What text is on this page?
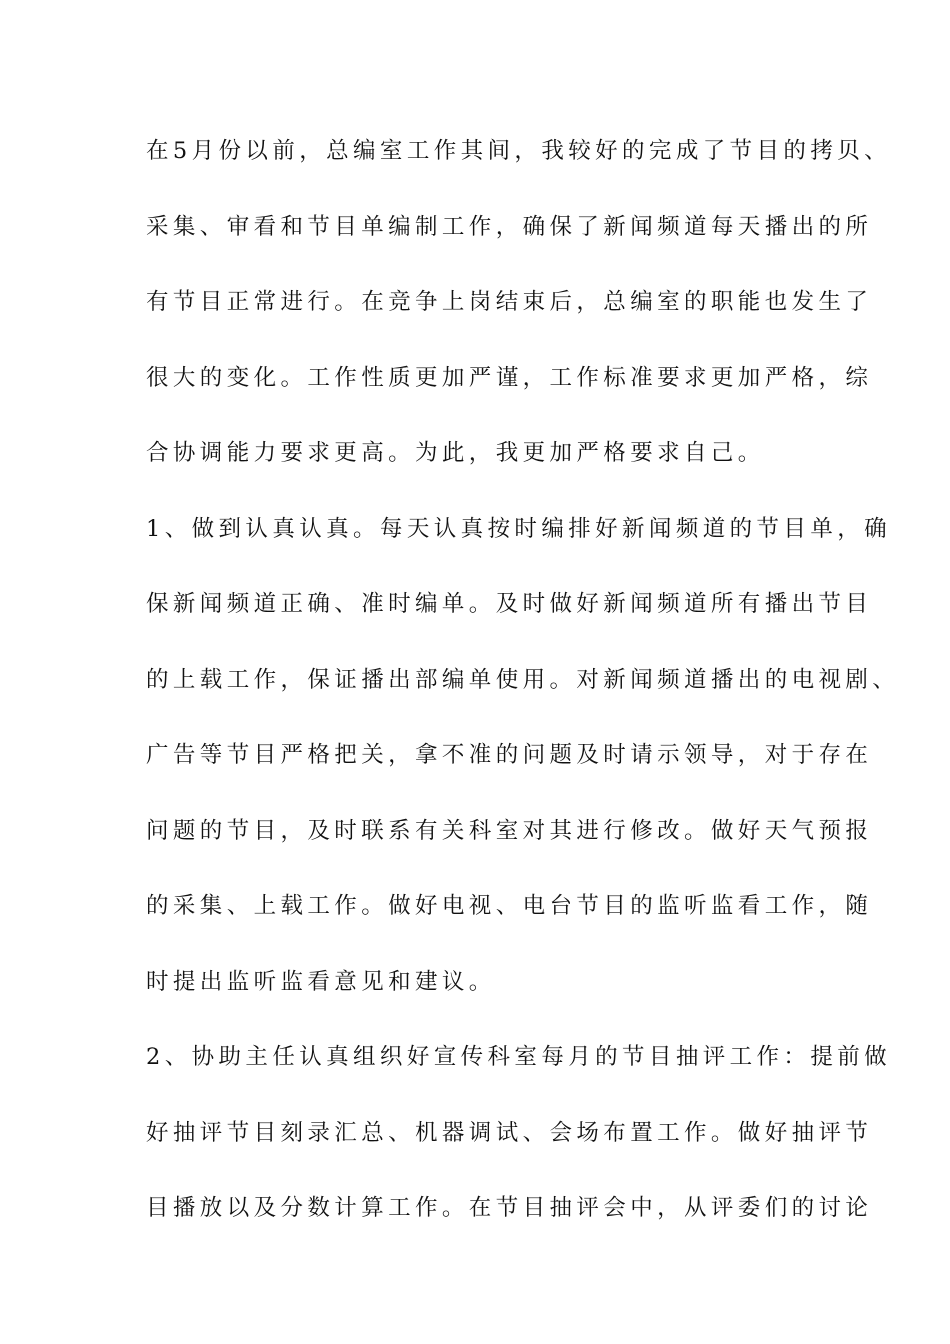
在5月份以前，总编室工作其间，我较好的完成了节目的拷贝、
采集、审看和节目单编制工作，确保了新闻频道每天播出的所
有节目正常进行。在竞争上岗结束后，总编室的职能也发生了
很大的变化。工作性质更加严谨，工作标准要求更加严格，综
合协调能力要求更高。为此，我更加严格要求自己。
1、做到认真认真。每天认真按时编排好新闻频道的节目单，确
保新闻频道正确、准时编单。及时做好新闻频道所有播出节目
的上载工作，保证播出部编单使用。对新闻频道播出的电视剧、
广告等节目严格把关，拿不准的问题及时请示领导，对于存在
问题的节目，及时联系有关科室对其进行修改。做好天气预报
的采集、上载工作。做好电视、电台节目的监听监看工作，随
时提出监听监看意见和建议。
2、协助主任认真组织好宣传科室每月的节目抽评工作：提前做
好抽评节目刻录汇总、机器调试、会场布置工作。做好抽评节
目播放以及分数计算工作。在节目抽评会中，从评委们的讨论
